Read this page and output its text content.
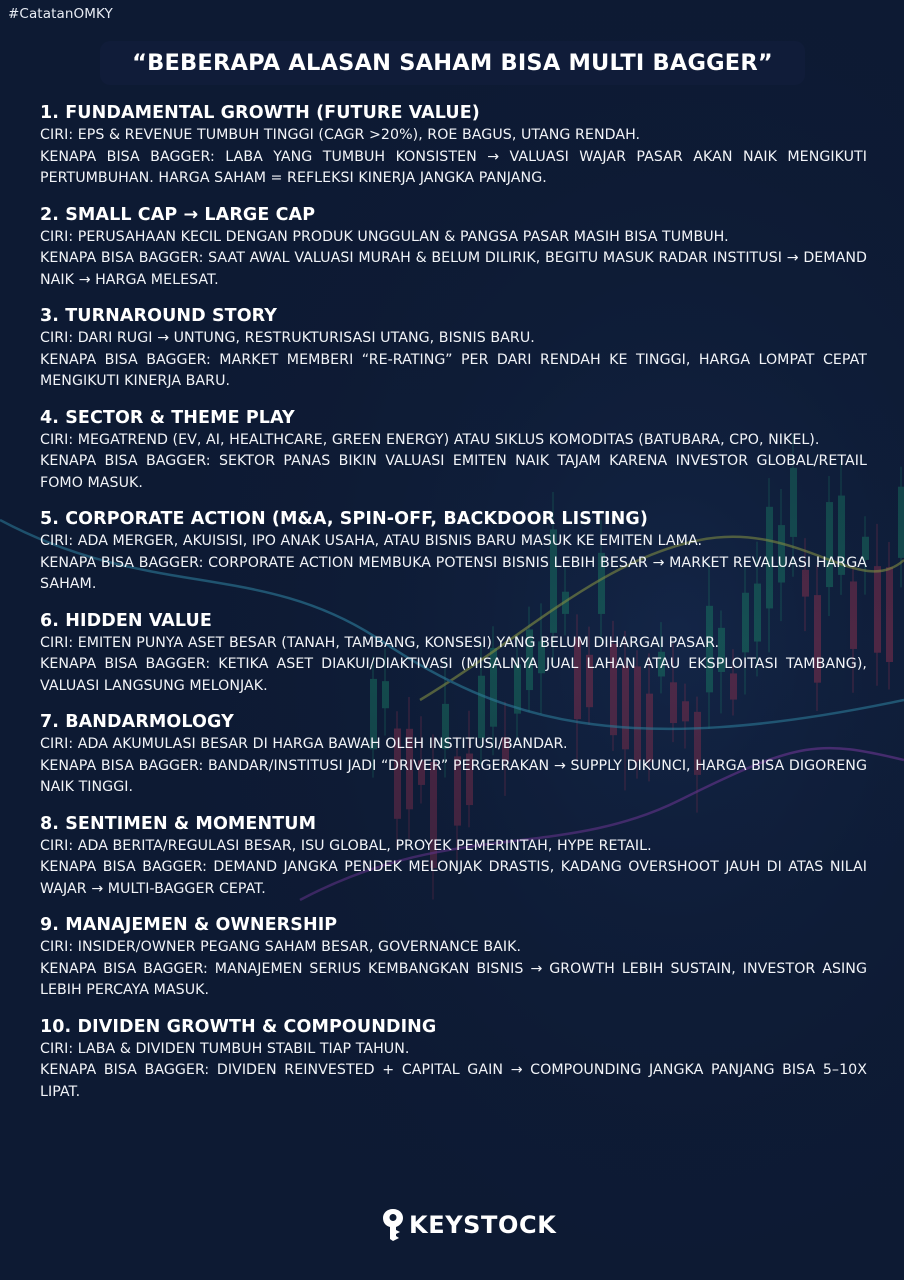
#CatatanOMKY
“BEBERAPA ALASAN SAHAM BISA MULTI BAGGER”
1. FUNDAMENTAL GROWTH (FUTURE VALUE)
CIRI: EPS & REVENUE TUMBUH TINGGI (CAGR >20%), ROE BAGUS, UTANG RENDAH.
KENAPA BISA BAGGER: LABA YANG TUMBUH KONSISTEN → VALUASI WAJAR PASAR AKAN NAIK MENGIKUTI PERTUMBUHAN. HARGA SAHAM = REFLEKSI KINERJA JANGKA PANJANG.
2. SMALL CAP → LARGE CAP
CIRI: PERUSAHAAN KECIL DENGAN PRODUK UNGGULAN & PANGSA PASAR MASIH BISA TUMBUH.
KENAPA BISA BAGGER: SAAT AWAL VALUASI MURAH & BELUM DILIRIK, BEGITU MASUK RADAR INSTITUSI → DEMAND NAIK → HARGA MELESAT.
3. TURNAROUND STORY
CIRI: DARI RUGI → UNTUNG, RESTRUKTURISASI UTANG, BISNIS BARU.
KENAPA BISA BAGGER: MARKET MEMBERI “RE-RATING” PER DARI RENDAH KE TINGGI, HARGA LOMPAT CEPAT MENGIKUTI KINERJA BARU.
4. SECTOR & THEME PLAY
CIRI: MEGATREND (EV, AI, HEALTHCARE, GREEN ENERGY) ATAU SIKLUS KOMODITAS (BATUBARA, CPO, NIKEL).
KENAPA BISA BAGGER: SEKTOR PANAS BIKIN VALUASI EMITEN NAIK TAJAM KARENA INVESTOR GLOBAL/RETAIL FOMO MASUK.
5. CORPORATE ACTION (M&A, SPIN-OFF, BACKDOOR LISTING)
CIRI: ADA MERGER, AKUISISI, IPO ANAK USAHA, ATAU BISNIS BARU MASUK KE EMITEN LAMA.
KENAPA BISA BAGGER: CORPORATE ACTION MEMBUKA POTENSI BISNIS LEBIH BESAR → MARKET REVALUASI HARGA SAHAM.
6. HIDDEN VALUE
CIRI: EMITEN PUNYA ASET BESAR (TANAH, TAMBANG, KONSESI) YANG BELUM DIHARGAI PASAR.
KENAPA BISA BAGGER: KETIKA ASET DIAKUI/DIAKTIVASI (MISALNYA JUAL LAHAN ATAU EKSPLOITASI TAMBANG), VALUASI LANGSUNG MELONJAK.
7. BANDARMOLOGY
CIRI: ADA AKUMULASI BESAR DI HARGA BAWAH OLEH INSTITUSI/BANDAR.
KENAPA BISA BAGGER: BANDAR/INSTITUSI JADI “DRIVER” PERGERAKAN → SUPPLY DIKUNCI, HARGA BISA DIGORENG NAIK TINGGI.
8. SENTIMEN & MOMENTUM
CIRI: ADA BERITA/REGULASI BESAR, ISU GLOBAL, PROYEK PEMERINTAH, HYPE RETAIL.
KENAPA BISA BAGGER: DEMAND JANGKA PENDEK MELONJAK DRASTIS, KADANG OVERSHOOT JAUH DI ATAS NILAI WAJAR → MULTI-BAGGER CEPAT.
9. MANAJEMEN & OWNERSHIP
CIRI: INSIDER/OWNER PEGANG SAHAM BESAR, GOVERNANCE BAIK.
KENAPA BISA BAGGER: MANAJEMEN SERIUS KEMBANGKAN BISNIS → GROWTH LEBIH SUSTAIN, INVESTOR ASING LEBIH PERCAYA MASUK.
10. DIVIDEN GROWTH & COMPOUNDING
CIRI: LABA & DIVIDEN TUMBUH STABIL TIAP TAHUN.
KENAPA BISA BAGGER: DIVIDEN REINVESTED + CAPITAL GAIN → COMPOUNDING JANGKA PANJANG BISA 5–10X LIPAT.
KEYSTOCK
